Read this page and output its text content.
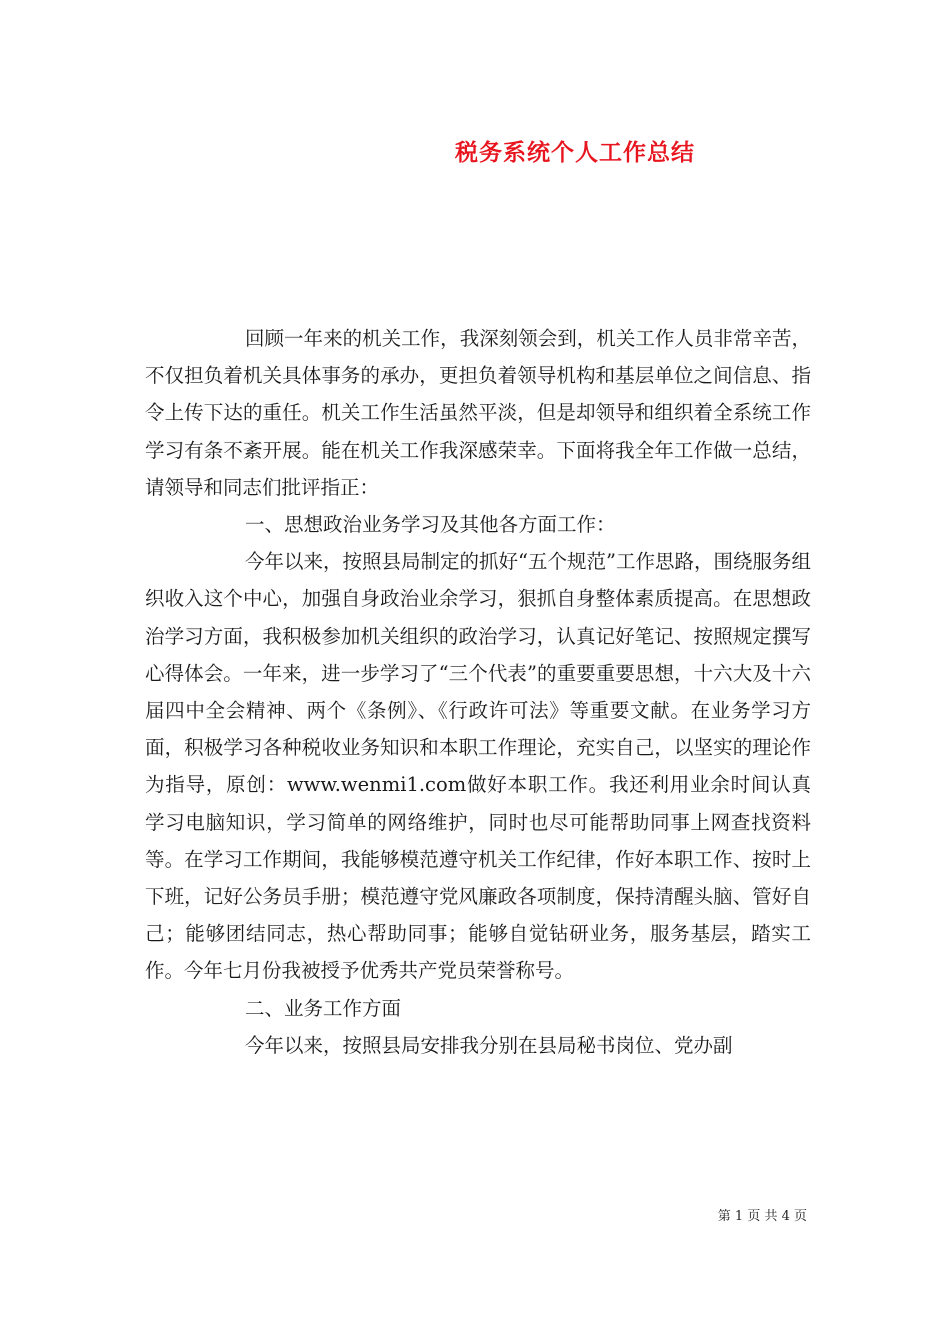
税务系统个人工作总结

回顾一年来的机关工作，我深刻领会到，机关工作人员非常辛苦，不仅担负着机关具体事务的承办，更担负着领导机构和基层单位之间信息、指令上传下达的重任。机关工作生活虽然平淡，但是却领导和组织着全系统工作学习有条不紊开展。能在机关工作我深感荣幸。下面将我全年工作做一总结，请领导和同志们批评指正：

一、思想政治业务学习及其他各方面工作：

今年以来，按照县局制定的抓好“五个规范”工作思路，围绕服务组织收入这个中心，加强自身政治业余学习，狠抓自身整体素质提高。在思想政治学习方面，我积极参加机关组织的政治学习，认真记好笔记、按照规定撰写心得体会。一年来，进一步学习了“三个代表”的重要重要思想，十六大及十六届四中全会精神、两个《条例》、《行政许可法》等重要文献。在业务学习方面，积极学习各种税收业务知识和本职工作理论，充实自己，以坚实的理论作为指导，原创：www.wenmi1.com做好本职工作。我还利用业余时间认真学习电脑知识，学习简单的网络维护，同时也尽可能帮助同事上网查找资料等。在学习工作期间，我能够模范遵守机关工作纪律，作好本职工作、按时上下班，记好公务员手册；模范遵守党风廉政各项制度，保持清醒头脑、管好自己；能够团结同志，热心帮助同事；能够自觉钻研业务，服务基层，踏实工作。今年七月份我被授予优秀共产党员荣誉称号。

二、业务工作方面

今年以来，按照县局安排我分别在县局秘书岗位、党办副

第 1 页 共 4 页
